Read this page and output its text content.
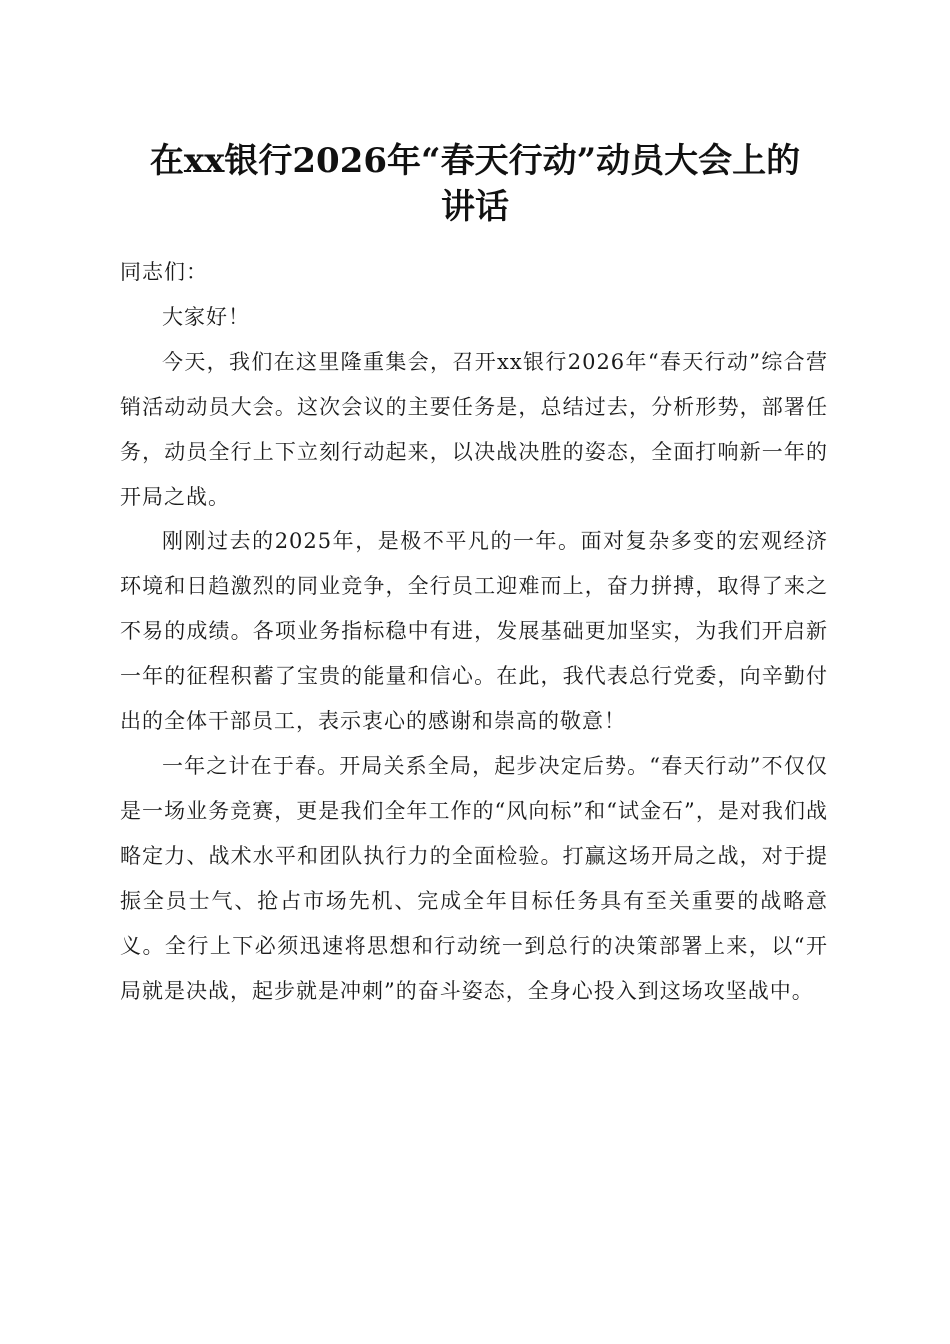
在xx银行2026年“春天行动”动员大会上的
讲话

同志们：

大家好！

今天，我们在这里隆重集会，召开xx银行2026年“春天行动”综合营销活动动员大会。这次会议的主要任务是，总结过去，分析形势，部署任务，动员全行上下立刻行动起来，以决战决胜的姿态，全面打响新一年的开局之战。

刚刚过去的2025年，是极不平凡的一年。面对复杂多变的宏观经济环境和日趋激烈的同业竞争，全行员工迎难而上，奋力拼搏，取得了来之不易的成绩。各项业务指标稳中有进，发展基础更加坚实，为我们开启新一年的征程积蓄了宝贵的能量和信心。在此，我代表总行党委，向辛勤付出的全体干部员工，表示衷心的感谢和崇高的敬意！

一年之计在于春。开局关系全局，起步决定后势。“春天行动”不仅仅是一场业务竞赛，更是我们全年工作的“风向标”和“试金石”，是对我们战略定力、战术水平和团队执行力的全面检验。打赢这场开局之战，对于提振全员士气、抢占市场先机、完成全年目标任务具有至关重要的战略意义。全行上下必须迅速将思想和行动统一到总行的决策部署上来，以“开局就是决战，起步就是冲刺”的奋斗姿态，全身心投入到这场攻坚战中。
